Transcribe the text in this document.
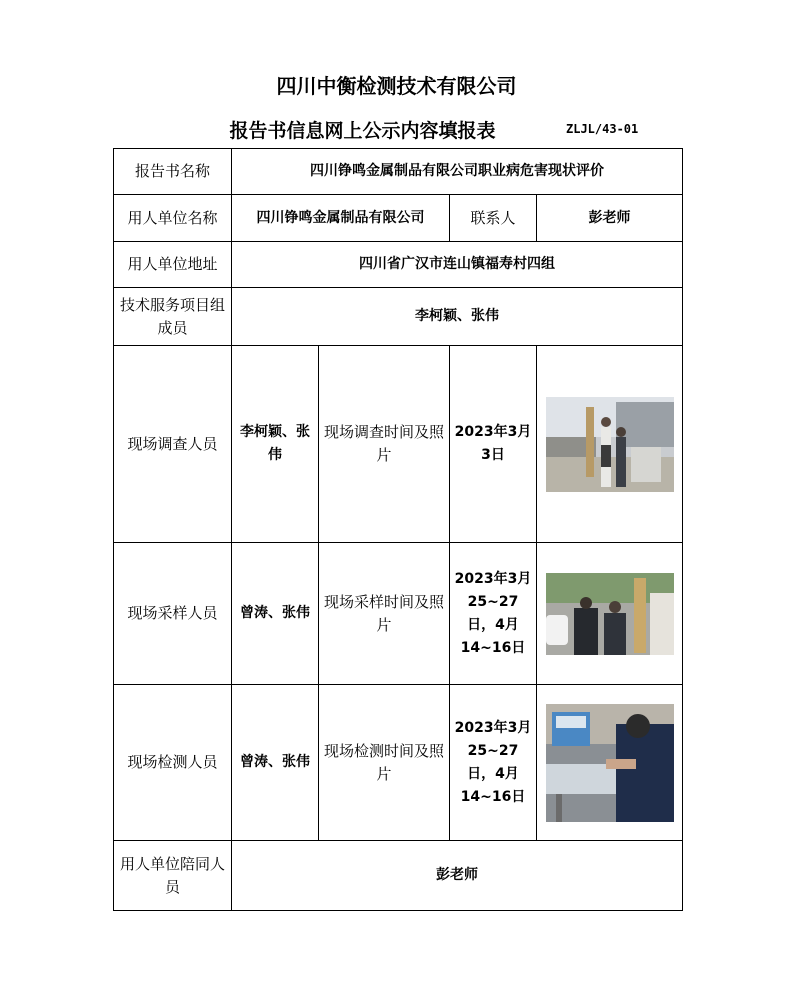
四川中衡检测技术有限公司
报告书信息网上公示内容填报表	ZLJL/43-01
报告书名称	四川铮鸣金属制品有限公司职业病危害现状评价			
用人单位名称	四川铮鸣金属制品有限公司		联系人	彭老师
用人单位地址	四川省广汉市连山镇福寿村四组			
技术服务项目组成员	李柯颖、张伟			
现场调查人员	李柯颖、张伟	现场调查时间及照片	2023年3月3日	

现场采样人员	曾涛、张伟	现场采样时间及照片	2023年3月25~27日，4月14~16日	

现场检测人员	曾涛、张伟	现场检测时间及照片	2023年3月25~27日，4月14~16日	

用人单位陪同人员	彭老师			
